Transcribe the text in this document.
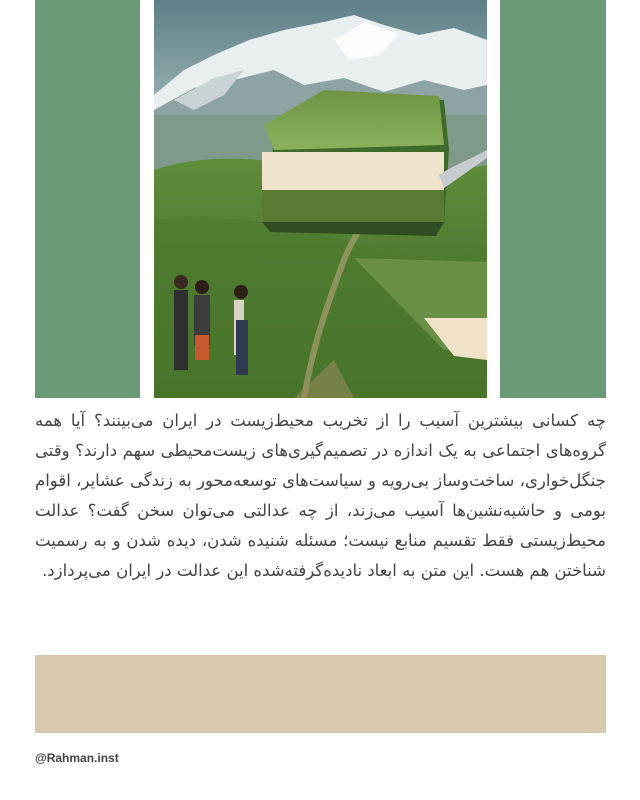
چه کسانی بیشترین آسیب را از تخریب محیط‌زیست در ایران می‌بینند؟ آیا همه گروه‌های اجتماعی به یک اندازه در تصمیم‌گیری‌های زیست‌محیطی سهم دارند؟ وقتی جنگل‌خواری، ساخت‌وساز بی‌رویه و سیاست‌های توسعه‌محور به زندگی عشایر، اقوام بومی و حاشیه‌نشین‌ها آسیب می‌زند، از چه عدالتی می‌توان سخن گفت؟ عدالت محیط‌زیستی فقط تقسیم منابع نیست؛ مسئله شنیده شدن، دیده شدن و به رسمیت شناختن هم هست. این متن به ابعاد نادیده‌گرفته‌شده این عدالت در ایران می‌پردازد.

@Rahman.inst
